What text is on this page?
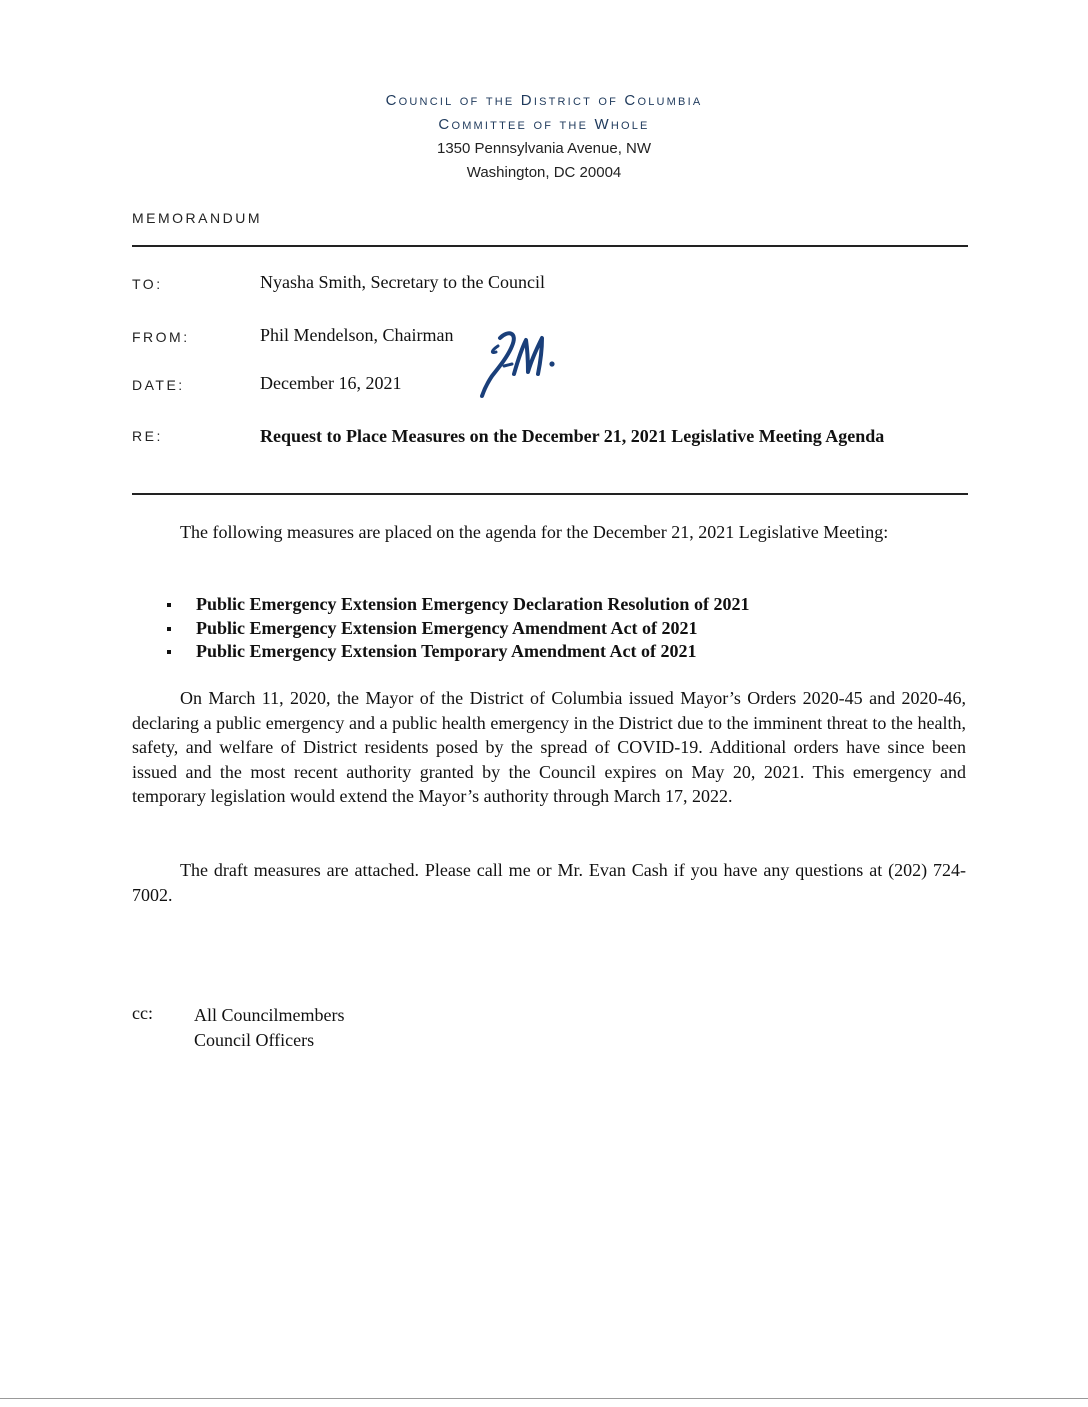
Council of the District of Columbia
Committee of the Whole
1350 Pennsylvania Avenue, NW
Washington, DC 20004
MEMORANDUM
TO:	Nyasha Smith, Secretary to the Council
FROM:	Phil Mendelson, Chairman
DATE:	December 16, 2021
RE:	Request to Place Measures on the December 21, 2021 Legislative Meeting Agenda
The following measures are placed on the agenda for the December 21, 2021 Legislative Meeting:
Public Emergency Extension Emergency Declaration Resolution of 2021
Public Emergency Extension Emergency Amendment Act of 2021
Public Emergency Extension Temporary Amendment Act of 2021
On March 11, 2020, the Mayor of the District of Columbia issued Mayor’s Orders 2020-45 and 2020-46, declaring a public emergency and a public health emergency in the District due to the imminent threat to the health, safety, and welfare of District residents posed by the spread of COVID-19. Additional orders have since been issued and the most recent authority granted by the Council expires on May 20, 2021. This emergency and temporary legislation would extend the Mayor’s authority through March 17, 2022.
The draft measures are attached. Please call me or Mr. Evan Cash if you have any questions at (202) 724-7002.
cc: All Councilmembers
Council Officers
